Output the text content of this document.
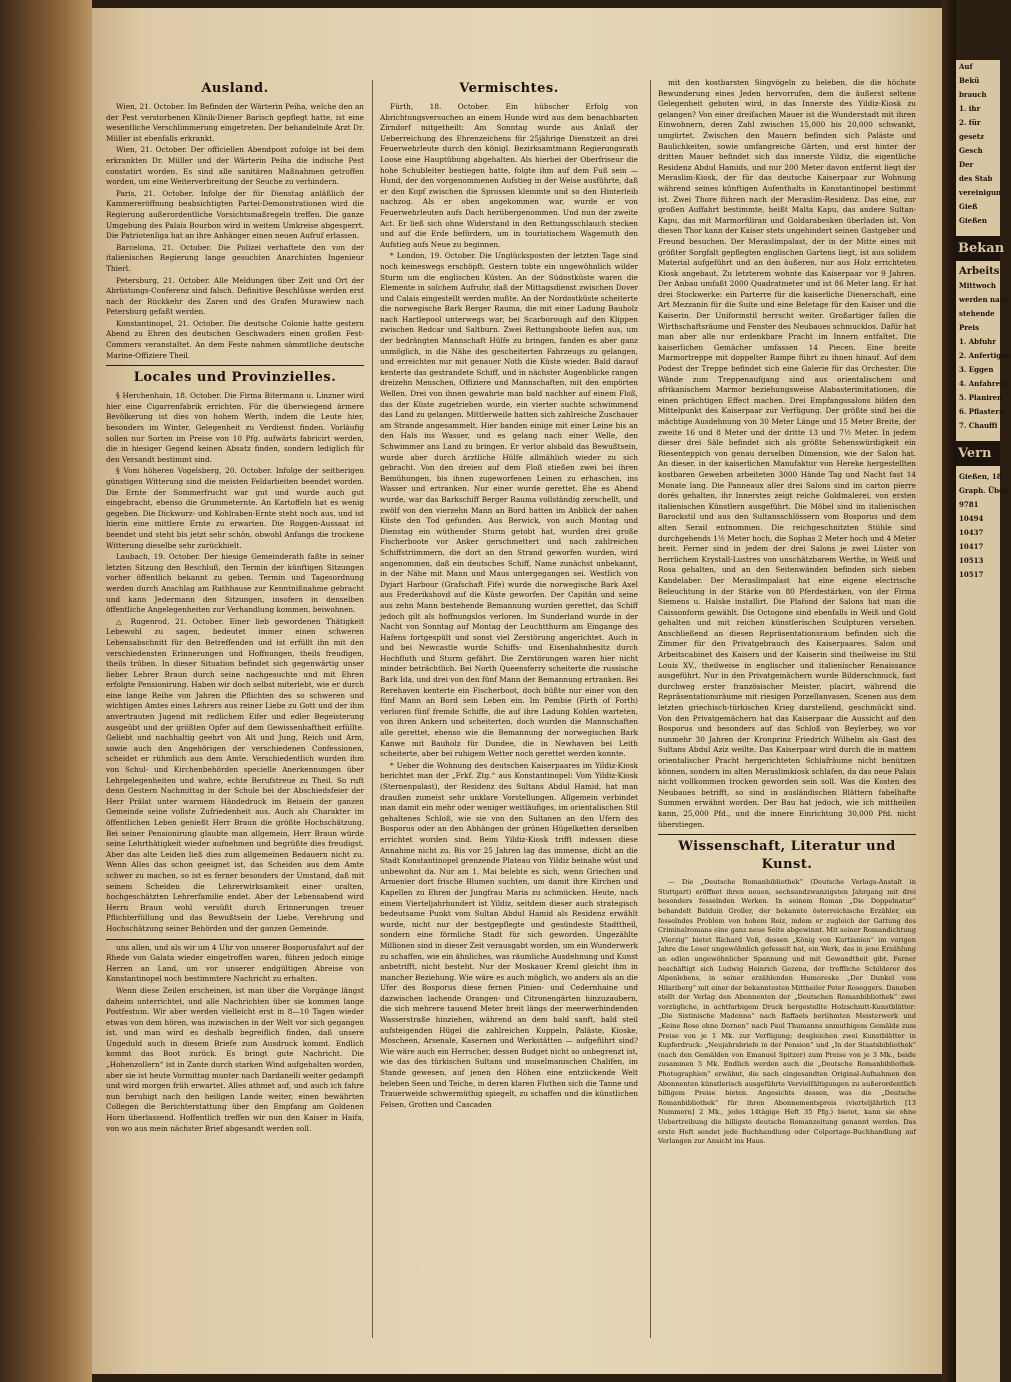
Ausland.

Wien, 21. October. Im Befinden der Wärterin Peiha, welche den an der Pest verstorbenen Klinik-Diener Barisch gepflegt hatte, ist eine wesentliche Verschlimmerung eingetreten. Der behandelnde Arzt Dr. Müller ist ebenfalls erkrankt.

Wien, 21. October. Der officiellen Abendpost zufolge ist bei dem erkrankten Dr. Müller und der Wärterin Peiha die indische Pest constatirt worden. Es sind alle sanitären Maßnahmen getroffen worden, um eine Weiterverbreitung der Seuche zu verhindern.

Paris, 21. October. Infolge der für Dienstag anläßlich der Kammereröffnung beabsichtigten Partei-Demonstrationen wird die Regierung außerordentliche Vorsichtsmaßregeln treffen. Die ganze Umgebung des Palais Bourbon wird in weitem Umkreise abgesperrt. Die Patriotenliga hat an ihre Anhänger einen neuen Aufruf erlassen.

Barcelona, 21. October. Die Polizei verhaftete den von der italienischen Regierung lange gesuchten Anarchisten Ingenieur Thierl.

Petersburg, 21. October. Alle Meldungen über Zeit und Ort der Abrüstungs-Conferenz sind falsch. Definitive Beschlüsse werden erst nach der Rückkehr des Zaren und des Grafen Murawiew nach Petersburg gefaßt werden.

Konstantinopel, 21. October. Die deutsche Colonie hatte gestern Abend zu Ehren des deutschen Geschwaders einen großen Fest-Commers veranstaltet. An dem Feste nahmen sämmtliche deutsche Marine-Offiziere Theil.

Locales und Provinzielles.

§ Herchenhain, 18. October. Die Firma Bitermann u. Linzner wird hier eine Cigarrenfabrik errichten. Für die überwiegend ärmere Bevölkerung ist dies von hohem Werth, indem die Leute hier, besonders im Winter, Gelegenheit zu Verdienst finden. Vorläufig sollen nur Sorten im Preise von 10 Pfg. aufwärts fabricirt werden, die in hiesiger Gegend keinen Absatz finden, sondern lediglich für den Versandt bestimmt sind.

§ Vom höheren Vogelsberg, 20. October. Infolge der seitherigen günstigen Witterung sind die meisten Feldarbeiten beendet worden. Die Ernte der Sommerfrucht war gut und wurde auch gut eingebracht, ebenso die Grummeternte. An Kartoffeln hat es wenig gegeben. Die Dickwurz- und Kohlraben-Ernte steht noch aus, und ist hierin eine mittlere Ernte zu erwarten. Die Roggen-Aussaat ist beendet und steht bis jetzt sehr schön, obwohl Anfangs die trockene Witterung dieselbe sehr zurückhielt.

Laubach, 19. October. Der hiesige Gemeinderath faßte in seiner letzten Sitzung den Beschluß, den Termin der künftigen Sitzungen vorher öffentlich bekannt zu geben. Termin und Tagesordnung werden durch Anschlag am Rathhause zur Kenntnißnahme gebracht und kann Jedermann den Sitzungen, insofern in denselben öffentliche Angelegenheiten zur Verhandlung kommen, beiwohnen.

△ Rugenrod, 21. October. Einer lieb gewordenen Thätigkeit Lebewohl zu sagen, bedeutet immer einen schweren Lebensabschnitt für den Betreffenden und ist erfüllt ihn mit den verschiedensten Erinnerungen und Hoffnungen, theils freudigen, theils trüben. In dieser Situation befindet sich gegenwärtig unser lieber Lehrer Braun durch seine nachgesuchte und mit Ehren erfolgte Pensionirung. Haben wir doch selbst miterlebt, wie er durch eine lange Reihe von Jahren die Pflichten des so schweren und wichtigen Amtes eines Lehrers aus reiner Liebe zu Gott und der ihm anvertrauten Jugend mit redlichem Eifer und edler Begeisterung ausgeübt und der größten Opfer auf dem Gewissenhaftheit erfüllte. Geliebt und nachhaltig geehrt von Alt und Jung, Reich und Arm, sowie auch den Angehörigen der verschiedenen Confessionen, scheidet er rühmlich aus dem Amte. Verschiedentlich wurden ihm von Schul- und Kirchenbehörden specielle Anerkennungen über Lehrgelegenheiten und wahre, echte Berufstreue zu Theil. So ruft denn Gestern Nachmittag in der Schule bei der Abschiedsfeier der Herr Prälat unter warmem Händedruck im Beisein der ganzen Gemeinde seine vollste Zufriedenheit aus. Auch als Charakter im öffentlichen Leben genießt Herr Braun die größte Hochschätzung. Bei seiner Pensionirung glaubte man allgemein, Herr Braun würde seine Lehrthätigkeit wieder aufnehmen und begrüßte dies freudigst. Aber das alte Leiden ließ dies zum allgemeinen Bedauern nicht zu. Wenn Alles das schon geeignet ist, das Scheiden aus dem Amte schwer zu machen, so ist es ferner besonders der Umstand, daß mit seinem Scheiden die Lehrerwirksamkeit einer uralten, hochgeschätzten Lehrerfamilie endet. Aber der Lebensabend wird Herrn Braun wohl versüßt durch Erinnerungen treuer Pflichterfüllung und das Bewußtsein der Liebe, Verehrung und Hochschätzung seiner Behörden und der ganzen Gemeinde.

uns allen, und als wir um 4 Uhr von unserer Bosporusfahrt auf der Rhede von Galata wieder eingetroffen waren, führen jedoch einige Herren an Land, um vor unserer endgültigen Abreise von Konstantinopel noch bestimmtere Nachricht zu erhalten.

Wenn diese Zeilen erscheinen, ist man über die Vorgänge längst daheim unterrichtet, und alle Nachrichten über sie kommen lange Postfestum. Wir aber werden vielleicht erst in 8—10 Tagen wieder etwas von dem hören, was inzwischen in der Welt vor sich gegangen ist, und man wird es deshalb begreiflich finden, daß unsere Ungeduld auch in diesem Briefe zum Ausdruck kommt. Endlich kommt das Boot zurück. Es bringt gute Nachricht. Die „Hohenzollern“ ist in Zante durch starken Wind aufgehalten worden, aber sie ist heute Vormittag munter nach Dardanelli weiter gedampft und wird morgen früh erwartet. Alles athmet auf, und auch ich fahre nun beruhigt nach den heiligen Lande weiter, einen bewährten Collegen die Berichterstattung über den Empfang am Goldenen Horn überlassend. Hoffentlich treffen wir nun den Kaiser in Haifa, von wo aus mein nächster Brief abgesandt werden soll.

Vermischtes.

Fürth, 18. October. Ein hübscher Erfolg von Abrichtungsversuchen an einem Hunde wird aus dem benachbarten Zirndorf mitgetheilt: Am Sonntag wurde aus Anlaß der Ueberreichung des Ehrenzeichens für 25jährige Dienstzeit an drei Feuerwehrleute durch den königl. Bezirksamtmann Regierungsrath Loose eine Hauptübung abgehalten. Als hierbei der Oberfriseur die hohe Schubleiter bestiegen hatte, folgte ihm auf dem Fuß sein — Hund, der den vorgenommenen Aufstieg in der Weise ausführte, daß er den Kopf zwischen die Sprossen klemmte und so den Hinterleib nachzog. Als er oben angekommen war, wurde er von Feuerwehrleuten aufs Dach herübergenommen. Und nun der zweite Act. Er ließ sich ohne Widerstand in den Rettungsschlauch stecken und auf die Erde befördern, um in touristischem Wagemuth den Aufstieg aufs Neue zu beginnen.

* London, 19. October. Die Unglücksposten der letzten Tage sind noch keineswegs erschöpft. Gestern tobte ein ungewöhnlich wilder Sturm um die englischen Küsten. An der Südostküste waren die Elemente in solchem Aufruhr, daß der Mittagsdienst zwischen Dover und Calais eingestellt werden mußte. An der Nordostküste scheiterte die norwegische Bark Berger Rauma, die mit einer Ladung Bauholz nach Hartlepool unterwegs war, bei Scarborough auf den Klippen zwischen Redcar und Saltburn. Zwei Rettungsboote liefen aus, um der bedrängten Mannschaft Hülfe zu bringen, fanden es aber ganz unmöglich, in die Nähe des gescheiterten Fahrzeugs zu gelangen, und erreichten nur mit genauer Noth die Küste wieder. Bald darauf kenterte das gestrandete Schiff, und in nächster Augenblicke rangen dreizehn Menschen, Offiziere und Mannschaften, mit den empörten Wellen. Drei von ihnen gewahrte man bald nachher auf einem Floß, das der Küste zugetrieben wurde, ein vierter suchte schwimmend das Land zu gelangen. Mittlerweile hatten sich zahlreiche Zuschauer am Strande angesammelt. Hier banden einige mit einer Leine bis an den Hals ins Wasser, und es gelang nach einer Welle, den Schwimmer ans Land zu bringen. Er verlor alsbald das Bewußtsein, wurde aber durch ärztliche Hülfe allmählich wieder zu sich gebracht. Von den dreien auf dem Floß stießen zwei bei ihren Bemühungen, bis ihnen zugeworfenen Leinen zu erhaschen, ins Wasser und ertranken. Nur einer wurde gerettet. Ehe es Abend wurde, war das Barkschiff Berger Rauma vollständig zerschellt, und zwölf von den vierzehn Mann an Bord hatten im Anblick der nahen Küste den Tod gefunden. Aus Berwick, von auch Montag und Dienstag ein wüthender Sturm getobt hat, wurden drei große Fischerboote vor Anker gerschmettert und nach zahlreichen Schiffstrümmern, die dort an den Strand geworfen wurden, wird angenommen, daß ein deutsches Schiff, Name zunächst unbekannt, in der Nähe mit Mann und Maus untergegangen sei. Westlich von Dyjart Harbour (Grafschaft Fife) wurde die norwegische Bark Axel aus Frederikshovd auf die Küste geworfen. Der Capitän und seine aus zehn Mann bestehende Bemannung wurden gerettet, das Schiff jedoch gilt als hoffnungslos verloren. Im Sunderland wurde in der Nacht von Sonntag auf Montag der Leuchtthurm am Eingange des Hafens fortgespült und sonst viel Zerstörung angerichtet. Auch in und bei Newcastle wurde Schiffs- und Eisenbahnbesitz durch Hochfluth und Sturm gefährt. Die Zerstörungen waren hier nicht minder beträchtlich. Bei North Queensferry scheiterte die russische Bark Ida, und drei von den fünf Mann der Bemannung ertranken. Bei Rerehaven kenterte ein Fischerboot, doch büßte nur einer von den fünf Mann an Bord sein Leben ein. Im Pembie (Firth of Forth) verloren fünf fremde Schiffe, die auf ihre Ladung Kohlen warteten, von ihren Ankern und scheiterten, doch wurden die Mannschaften alle gerettet, ebenso wie die Bemannung der norwegischen Bark Kanwe mit Bauholz für Dundee, die in Newhaven bei Leith scheiterte, aber bei ruhigem Wetter noch gerettet werden konnte.

* Ueber die Wohnung des deutschen Kaiserpaares im Yildiz-Kiosk berichtet man der „Frkf. Ztg.“ aus Konstantinopel: Vom Yildiz-Kiosk (Sternenpalast), der Residenz des Sultans Abdul Hamid, hat man draußen zumeist sehr unklare Vorstellungen. Allgemein verbindet man damit ein mehr oder weniger weitläufiges, im orientalischen Stil gehaltenes Schloß, wie sie von den Sultanen an den Ufern des Bosporus oder an den Abhängen der grünen Hügelketten derselben errichtet worden sind. Beim Yildiz-Kiosk trifft indessen diese Annahme nicht zu. Bis vor 25 Jahren lag das immense, dicht an die Stadt Konstantinopel grenzende Plateau von Yildiz beinahe wüst und unbewohnt da. Nur am 1. Mai belebte es sich, wenn Griechen und Armenier dort frische Blumen suchten, um damit ihre Kirchen und Kapellen zu Ehren der Jungfrau Maria zu schmücken. Heute, nach einem Vierteljahrhundert ist Yildiz, seitdem dieser auch strategisch bedeutsame Punkt vom Sultan Abdul Hamid als Residenz erwählt wurde, nicht nur der bestgepflegte und gesündeste Stadttheil, sondern eine förmliche Stadt für sich geworden. Ungezählte Millionen sind in dieser Zeit verausgabt worden, um ein Wunderwerk zu schaffen, wie ein ähnliches, was räumliche Ausdehnung und Kunst anbetrifft, nicht besteht. Nur der Moskauer Kreml gleicht ihm in mancher Beziehung. Wie wäre es auch möglich, wo anders als an die Ufer des Bosporus diese fernen Pinien- und Cedernhaine und dazwischen lachende Orangen- und Citronengärten hinzuzaubern, die sich mehrere tausend Meter breit längs der meerwerbindenden Wasserstraße hinziehen, während an dem bald sanft, bald steil aufsteigenden Hügel die zahlreichen Kuppeln, Paläste, Kioske, Moscheen, Arsenale, Kasernen und Werkstätten — aufgeführt sind? Wie wäre auch ein Herrscher, dessen Budget nicht so unbegrenzt ist, wie das des türkischen Sultans und muselmanischen Chalifen, im Stande gewesen, auf jenen den Höhen eine entzückende Welt beleben Seen und Teiche, in deren klaren Fluthen sich die Tanne und Trauerweide schwermüthig spiegelt, zu schaffen und die künstlichen Felsen, Grotten und Cascaden

mit den kostbarsten Singvögeln zu beleben, die die höchste Bewunderung eines Jeden hervorrufen, dem die äußerst seltene Gelegenheit geboten wird, in das Innerste des Yildiz-Kiosk zu gelangen? Von einer dreifachen Mauer ist die Wunderstadt mit ihren Einwohnern, deren Zahl zwischen 15,000 bis 20,000 schwankt, umgürtet. Zwischen den Mauern befinden sich Paläste und Baulichkeiten, sowie umfangreiche Gärten, und erst hinter der dritten Mauer befindet sich das innerste Yildiz, die eigentliche Residenz Abdul Hamids, und nur 200 Meter davon entfernt liegt der Meraslim-Kiosk, der für das deutsche Kaiserpaar zur Wohnung während seines künftigen Aufenthalts in Konstantinopel bestimmt ist. Zwei Thore führen nach der Meraslim-Residenz. Das eine, zur großen Auffahrt bestimmte, heißt Malta Kapu, das andere Sultan-Kapu, das mit Marmorfiliran und Goldarabesken überladen ist. Von diesen Thor kann der Kaiser stets ungehindert seinen Gastgeber und Freund besuchen. Der Meraslimpalast, der in der Mitte eines mit größter Sorgfalt gepflegten englischen Gartens liegt, ist aus solidem Material aufgeführt und an den äußeren, nur aus Holz errichteten Kiosk angebaut. Zu letzterem wohnte das Kaiserpaar vor 9 Jahren. Der Anbau umfaßt 2000 Quadratmeter und ist 86 Meter lang. Er hat drei Stockwerke: ein Parterre für die kaiserliche Dienerschaft, eine Art Mezzanin für die Suite und eine Beletage für den Kaiser und die Kaiserin. Der Uniformstil herrscht weiter. Großartiger fallen die Wirthschaftsräume und Fenster des Neubaues schmucklos. Dafür hat man aber alle nur erdenkbare Pracht im Innern entfaltet. Die kaiserlichen Gemächer umfassen 14 Piecen. Eine breite Marmortreppe mit doppelter Rampe führt zu ihnen hinauf. Auf dem Podest der Treppe befindet sich eine Galerie für das Orchester. Die Wände zum Treppenaufgang sind aus orientalischem und afrikanischem Marmor beziehungsweise Alabasterimitationen, die einen prächtigen Effect machen. Drei Empfangssalons bilden den Mittelpunkt des Kaiserpaar zur Verfügung. Der größte sind bei die mächtige Ausdehnung von 30 Meter Länge und 15 Meter Breite, der zweite 16 und 8 Meter und der dritte 13 und 7½ Meter. In jedem dieser drei Säle befindet sich als größte Sehenswürdigkeit ein Riesenteppich von genau derselben Dimension, wie der Salon hat. An dieser, in der kaiserlichen Manufaktur von Hereke hergestellten kostbaren Geweben arbeiteten 3000 Hände Tag und Nacht fast 14 Monate lang. Die Panneaux aller drei Salons sind im carton pierre dorés gehalten, ihr Innerstes zeigt reiche Goldmalerei, von ersten italienischen Künstlern ausgeführt. Die Möbel sind im italienischen Barockstil und aus den Sultansschlössern vom Bosporus und dem alten Serail entnommen. Die reichgeschnitzten Stühle sind durchgehends 1½ Meter hoch, die Sophas 2 Meter hoch und 4 Meter breit. Ferner sind in jedem der drei Salons je zwei Lüster von herrlichem Krystall-Lustres von unschätzbarem Werthe, in Weiß und Rosa gehalten, und an den Seitenwänden befinden sich sieben Kandelaber. Der Meraslimpalast hat eine eigene electrische Beleuchtung in der Stärke von 80 Pferdestärken, von der Firma Siemens u. Halske installirt. Die Plafond der Salons hat man die Caissonform gewählt. Die Octogone sind ebenfalls in Weiß und Gold gehalten und mit reichen künstlerischen Sculpturen versehen. Anschließend an diesen Repräsentationsraum befinden sich die Zimmer für den Privatgebrauch des Kaiserpaares. Salon und Arbeitscabinet des Kaisers und der Kaiserin sind theilweise im Stil Louis XV., theilweise in englischer und italienischer Renaissance ausgeführt. Nur in den Privatgemächern wurde Bilderschmuck, fast durchweg erster französischer Meister, placirt, während die Repräsentationsräume mit riesigen Porzellanvasen, Scenen aus dem letzten griechisch-türkischen Krieg darstellend, geschmückt sind. Von den Privatgemächern hat das Kaiserpaar die Aussicht auf den Bosporus und besonders auf das Schloß von Beylerbey, wo vor nunmehr 30 Jahren der Kronprinz Friedrich Wilhelm als Gast des Sultans Abdul Aziz weilte. Das Kaiserpaar wird durch die in mattem orientalischer Pracht hergerichteten Schlafräume nicht benützen können, sondern im alten Meraslimkiosk schlafen, da das neue Palais nicht vollkommen trocken geworden sein soll. Was die Kosten des Neubaues betrifft, so sind in ausländischen Blättern fabelhafte Summen erwähnt worden. Der Bau hat jedoch, wie ich mittheilen kann, 25,000 Pfd., und die innere Einrichtung 30,000 Pfd. nicht überstiegen.

Wissenschaft, Literatur und Kunst.

— Die „Deutsche Romanbibliothek“ (Deutsche Verlags-Anstalt in Stuttgart) eröffnet ihren neuen, sechsundzwanzigsten Jahrgang mit drei besonders fesselnden Werken. In seinem Roman „Die Doppelnatur“ behandelt Balduin Groller, der bekannte österreichische Erzähler, ein fesselndes Problem von hohem Reiz, indem er zugleich der Gattung des Criminalromans eine ganz neue Seite abgewinnt. Mit seiner Romandichtung „Vierzig“ bietet Richard Voß, dessen „König von Kurtianien“ im vorigen Jahre die Leser ungewöhnlich gefesselt hat, ein Werk, das in jene Erzählung an edlen ungewöhnlicher Spannung und mit Gewandtheit gibt. Ferner beschäftigt sich Ludwig Heinrich Gezena, der treffliche Schilderer des Alpenlebens, in seiner erzählenden Humoreske „Der Dunkel vom Hilariberg“ mit einer der bekanntesten Mittheiler Peter Roseggers. Daneben stellt der Verlag den Abonnenten der „Deutschen Romanbibliothek“ zwei vorzügliche, in achtfarbigem Druck hergestellte Holzschnitt-Kunstblätter: „Die Sixtinische Madonna“ nach Raffaels berühmten Meisterwerk und „Keine Rose ohne Dornen“ nach Paul Thumanns anmuthigem Gemälde zum Preise von je 1 Mk. zur Verfügung; desgleichen zwei Kunstblätter in Kupferdruck: „Neujahrsbriefe in der Pension“ und „In der Staatsbibliothek“ (nach den Gemälden von Emanuel Spitzer) zum Preise von je 3 Mk., beide zusammen 5 Mk. Endlich werden auch die „Deutsche Romanbibliothek-Photographien“ erwähnt, die nach eingesandten Original-Aufnahmen den Abonnenten künstlerisch ausgeführte Vervielfältigungen zu außerordentlich billigem Preise bieten. Angesichts dessen, was die „Deutsche Romanbibliothek“ für ihren Abonnementspreis (vierteljährlich [13 Nummern] 2 Mk., jedes 14tägige Heft 35 Pfg.) bietet, kann sie ohne Uebertreibung die billigste deutsche Romanzeitung genannt werden. Das erste Heft sendet jede Buchhandlung oder Colportage-Buchhandlung auf Verlangen zur Ansicht ins Haus.

Auf
Bekü
brauch
1. ihr
2. für
gesetz
Gesch
Der
des Stab
vereinigun
Gieß
Gießen
Bekan
Arbeits
Mittwoch
werden nach
stehende
Preis
1. Abfuhr
2. Anfertigen
3. Eggen
4. Anfahren
5. Planiren
6. Pflastern
7. Chauffi
Vern
Gießen, 18
Graph. Über
9781
10494
10437
10417
10513
10517
